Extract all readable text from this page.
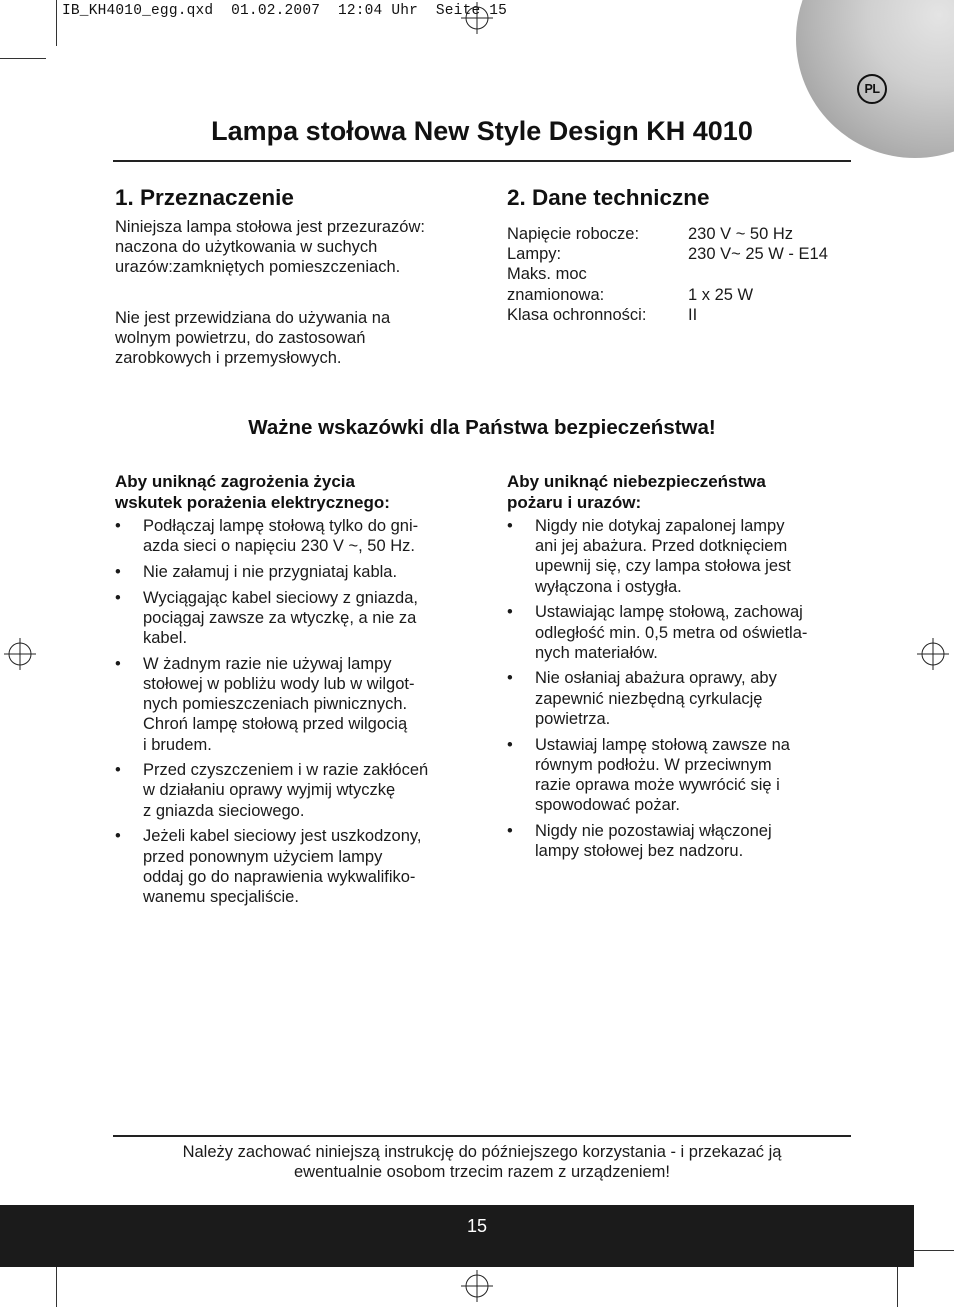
IB_KH4010_egg.qxd  01.02.2007  12:04 Uhr  Seite 15
PL
Lampa stołowa New Style Design KH 4010
1. Przeznaczenie
Niniejsza lampa stołowa jest przezurazów:
naczona do użytkowania w suchych
urazów:zamkniętych pomieszczeniach.
Nie jest przewidziana do używania na
wolnym powietrzu, do zastosowań
zarobkowych i przemysłowych.
2. Dane techniczne
Napięcie robocze:	230 V ~ 50 Hz
Lampy:	230 V~ 25 W - E14
Maks. moc
znamionowa:	1 x 25 W
Klasa ochronności:	II
Ważne wskazówki dla Państwa bezpieczeństwa!
Aby uniknąć zagrożenia życia
wskutek porażenia elektrycznego:
• Podłączaj lampę stołową tylko do gni-
azda sieci o napięciu 230 V ~, 50 Hz.
• Nie załamuj i nie przygniataj kabla.
• Wyciągając kabel sieciowy z gniazda,
pociągaj zawsze za wtyczkę, a nie za
kabel.
• W żadnym razie nie używaj lampy
stołowej w pobliżu wody lub w wilgot-
nych pomieszczeniach piwnicznych.
Chroń lampę stołową przed wilgocią
i brudem.
• Przed czyszczeniem i w razie zakłóceń
w działaniu oprawy wyjmij wtyczkę
z gniazda sieciowego.
• Jeżeli kabel sieciowy jest uszkodzony,
przed ponownym użyciem lampy
oddaj go do naprawienia wykwalifiko-
wanemu specjaliście.
Aby uniknąć niebezpieczeństwa
pożaru i urazów:
• Nigdy nie dotykaj zapalonej lampy
ani jej abażura. Przed dotknięciem
upewnij się, czy lampa stołowa jest
wyłączona i ostygła.
• Ustawiając lampę stołową, zachowaj
odległość min. 0,5 metra od oświetla-
nych materiałów.
• Nie osłaniaj abażura oprawy, aby
zapewnić niezbędną cyrkulację
powietrza.
• Ustawiaj lampę stołową zawsze na
równym podłożu. W przeciwnym
razie oprawa może wywrócić się i
spowodować pożar.
• Nigdy nie pozostawiaj włączonej
lampy stołowej bez nadzoru.
Należy zachować niniejszą instrukcję do późniejszego korzystania - i przekazać ją
ewentualnie osobom trzecim razem z urządzeniem!
15
